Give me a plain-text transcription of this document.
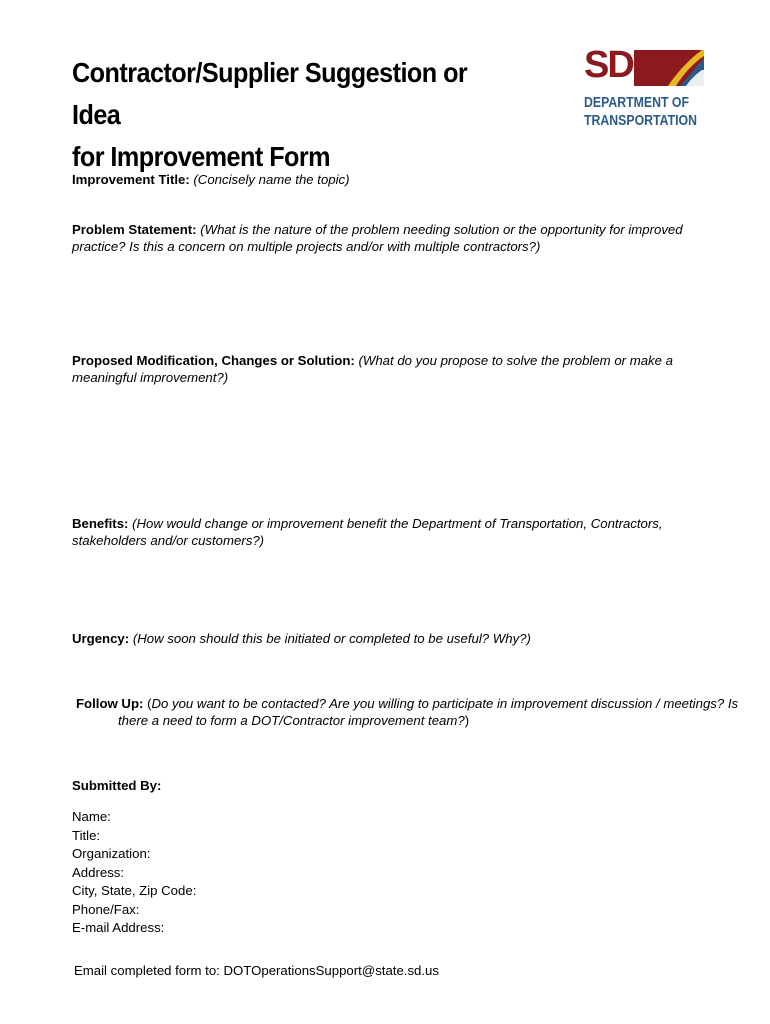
Contractor/Supplier Suggestion or Idea
for Improvement Form
SD
DEPARTMENT OF
TRANSPORTATION
Improvement Title: (Concisely name the topic)
Problem Statement: (What is the nature of the problem needing solution or the opportunity for improved practice? Is this a concern on multiple projects and/or with multiple contractors?)
Proposed Modification, Changes or Solution: (What do you propose to solve the problem or make a meaningful improvement?)
Benefits: (How would change or improvement benefit the Department of Transportation, Contractors, stakeholders and/or customers?)
Urgency: (How soon should this be initiated or completed to be useful? Why?)
Follow Up: (Do you want to be contacted? Are you willing to participate in improvement discussion / meetings? Is there a need to form a DOT/Contractor improvement team?)
Submitted By:
Name:
Title:
Organization:
Address:
City, State, Zip Code:
Phone/Fax:
E-mail Address:
Email completed form to: DOTOperationsSupport@state.sd.us
